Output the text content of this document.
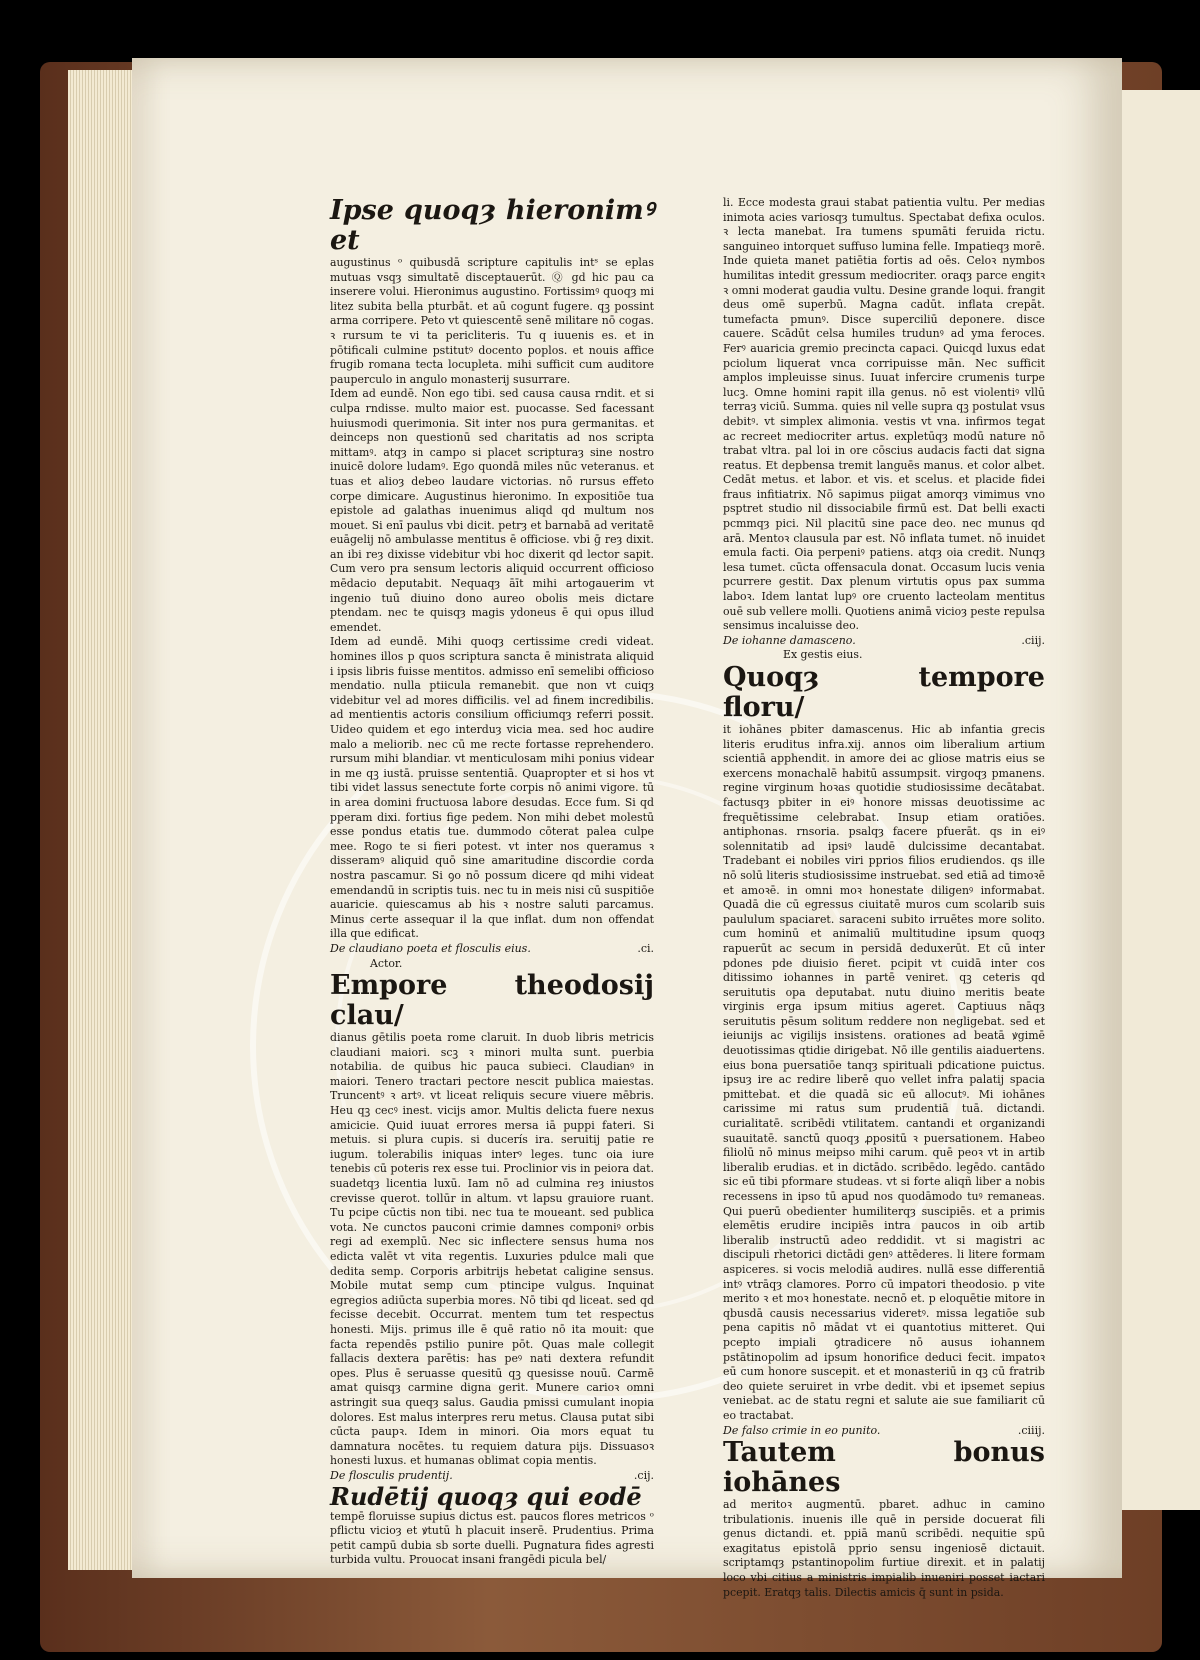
Ipse quoqȝ hieronimꝰ et

augustinus ᵒ quibusdā scripture capitulis intˢ se eplas mutuas vsqȝ simultatē disceptauerūt. Ⓠ gd hic pau ca inserere volui. Hieronimus augustino. Fortissimꝰ quoqȝ mi litez subita bella pturbāt. et aū cogunt fugere. qꝫ possint arma corripere. Peto vt quiescentē senē militare nō cogas. ꝛ rursum te vi ta pericliteris. Tu q iuuenis es. et in pōtificali culmine pstitutꝰ docento poplos. et nouis affice frugib romana tecta locupleta. mihi sufficit cum auditore pauperculo in angulo monasterij susurrare.

Idem ad eundē. Non ego tibi. sed causa causa rndit. et si culpa rndisse. multo maior est. puocasse. Sed facessant huiusmodi querimonia. Sit inter nos pura germanitas. et deinceps non questionū sed charitatis ad nos scripta mittamꝰ. atqȝ in campo si placet scripturaȝ sine nostro inuicē dolore ludamꝰ. Ego quondā miles nūc veteranus. et tuas et alioȝ debeo laudare victorias. nō rursus effeto corpe dimicare. Augustinus hieronimo. In expositiōe tua epistole ad galathas inuenimus aliqd qd multum nos mouet. Si enī paulus vbi dicit. petrȝ et barnabā ad veritatē euāgelij nō ambulasse mentitus ē officiose. vbi ḡ reȝ dixit. an ibi reȝ dixisse videbitur vbi hoc dixerit qd lector sapit. Cum vero pra sensum lectoris aliquid occurrent officioso mēdacio deputabit. Nequaqȝ āīt mihi artogauerim vt ingenio tuū diuino dono aureo obolis meis dictare ptendam. nec te quisqȝ magis ydoneus ē qui opus illud emendet.

Idem ad eundē. Mihi quoqȝ certissime credi videat. homines illos p quos scriptura sancta ē ministrata aliquid i ipsis libris fuisse mentitos. admisso enī semelibi officioso mendatio. nulla ptiicula remanebit. que non vt cuiqȝ videbitur vel ad mores difficilis. vel ad finem incredibilis. ad mentientis actoris consilium officiumqȝ referri possit. Uideo quidem et ego interduȝ vicia mea. sed hoc audire malo a meliorib. nec cū me recte fortasse reprehendero. rursum mihi blandiar. vt menticulosam mihi ponius videar in me qꝫ iustā. pruisse sententiā. Quapropter et si hos vt tibi videt lassus senectute forte corpis nō animi vigore. tū in area domini fructuosa labore desudas. Ecce fum. Si qd pperam dixi. fortius fige pedem. Non mihi debet molestū esse pondus etatis tue. dummodo cōterat palea culpe mee. Rogo te si fieri potest. vt inter nos queramus ꝛ disseramꝰ aliquid quō sine amaritudine discordie corda nostra pascamur. Si ꝯo nō possum dicere qd mihi videat emendandū in scriptis tuis. nec tu in meis nisi cū suspitiōe auaricie. quiescamus ab his ꝛ nostre saluti parcamus. Minus certe assequar il la que inflat. dum non offendat illa que edificat.

De claudiano poeta et flosculis eius.	.ci.

Actor.

Empore theodosij clau/

dianus gētilis poeta rome claruit. In duob libris metricis claudiani maiori. scꝫ ꝛ minori multa sunt. puerbia notabilia. de quibus hic pauca subieci. Claudianꝰ in maiori. Tenero tractari pectore nescit publica maiestas. Truncentꝰ ꝛ artꝰ. vt liceat reliquis secure viuere mēbris. Heu qꝫ cecꝰ inest. vicijs amor. Multis delicta fuere nexus amicicie. Quid iuuat errores mersa iā puppi fateri. Si metuis. si plura cupis. si ducerís ira. seruitij patie re iugum. tolerabilis iniquas interꝰ leges. tunc oia iure tenebis cū poteris rex esse tui. Proclinior vis in peiora dat. suadetqȝ licentia luxū. Iam nō ad culmina reȝ iniustos crevisse querot. tollūr in altum. vt lapsu grauiore ruant. Tu pcipe cūctis non tibi. nec tua te moueant. sed publica vota. Ne cunctos pauconi crimie damnes componiꝰ orbis regi ad exemplū. Nec sic inflectere sensus huma nos edicta valēt vt vita regentis. Luxuries pdulce mali que dedita semp. Corporis arbitrijs hebetat caligine sensus. Mobile mutat semp cum ptincipe vulgus. Inquinat egregios adiūcta superbia mores. Nō tibi qd liceat. sed qd fecisse decebit. Occurrat. mentem tum tet respectus honesti. Mijs. primus ille ē quē ratio nō ita mouit: que facta rependēs pstilio punire pōt. Quas male collegit fallacis dextera parētis: has peꝰ nati dextera refundit opes. Plus ē seruasse quesitū qꝫ quesisse nouū. Carmē amat quisqȝ carmine digna gerit. Munere carioꝛ omni astringit sua queqȝ salus. Gaudia pmissi cumulant inopia dolores. Est malus interpres reru metus. Clausa putat sibi cūcta paupꝛ. Idem in minori. Oia mors equat tu damnatura nocētes. tu requiem datura pijs. Dissuasoꝛ honesti luxus. et humanas oblimat copia mentis.

De flosculis prudentij.	.cij.

Rudētij quoqȝ qui eodē

tempē floruisse supius dictus est. paucos flores metricos ᵒ pflictu vicioȝ et ꝟtutū h placuit inserē. Prudentius. Prima petit campū dubia sb sorte duelli. Pugnatura fides agresti turbida vultu. Prouocat insani frangēdi picula bel/

li. Ecce modesta graui stabat patientia vultu. Per medias inimota acies variosqȝ tumultus. Spectabat defixa oculos. ꝛ lecta manebat. Ira tumens spumāti feruida rictu. sanguineo intorquet suffuso lumina felle. Impatieqȝ morē. Inde quieta manet patiētia fortis ad oēs. Celoꝛ nymbos humilitas intedit gressum mediocriter. oraqȝ parce engitꝛ ꝛ omni moderat gaudia vultu. Desine grande loqui. frangit deus omē superbū. Magna cadūt. inflata crepāt. tumefacta pmunꝰ. Disce superciliū deponere. disce cauere. Scādūt celsa humiles trudunꝰ ad yma feroces. Ferꝰ auaricia gremio precincta capaci. Quicqd luxus edat pciolum liquerat vnca corripuisse mān. Nec sufficit amplos impleuisse sinus. Iuuat infercire crumenis turpe lucꝫ. Omne homini rapit illa genus. nō est violentiꝰ vllū terraȝ viciū. Summa. quies nil velle supra qꝫ postulat vsus debitꝰ. vt simplex alimonia. vestis vt vna. infirmos tegat ac recreet mediocriter artus. expletūqȝ modū nature nō trabat vltra. pal loi in ore cōscius audacis facti dat signa reatus. Et depbensa tremit languēs manus. et color albet. Cedāt metus. et labor. et vis. et scelus. et placide fidei fraus infitiatrix. Nō sapimus piigat amorqȝ vimimus vno psptret studio nil dissociabile firmū est. Dat belli exacti pcmmqȝ pici. Nil placitū sine pace deo. nec munus qd arā. Mentoꝛ clausula par est. Nō inflata tumet. nō inuidet emula facti. Oia perpeniꝰ patiens. atqȝ oia credit. Nunqȝ lesa tumet. cūcta offensacula donat. Occasum lucis venia pcurrere gestit. Dax plenum virtutis opus pax summa laboꝛ. Idem lantat lupꝰ ore cruento lacteolam mentitus ouē sub vellere molli. Quotiens animā vicioȝ peste repulsa sensimus incaluisse deo.

De iohanne damasceno.	.ciij.

Ex gestis eius.

Quoqȝ tempore floru/

it iohānes pbiter damascenus. Hic ab infantia grecis literis eruditus infra.xij. annos oim liberalium artium scientiā apphendit. in amore dei ac gliose matris eius se exercens monachalē habitū assumpsit. virgoqȝ pmanens. regine virginum hoꝛas quotidie studiosissime decātabat. factusqȝ pbiter in eiꝰ honore missas deuotissime ac frequētissime celebrabat. Insup etiam oratiōes. antiphonas. rnsoria. psalqȝ facere pfuerāt. qs in eiꝰ solennitatib ad ipsiꝰ laudē dulcissime decantabat. Tradebant ei nobiles viri pprios filios erudiendos. qs ille nō solū literis studiosissime instruebat. sed etiā ad timoꝛē et amoꝛē. in omni moꝛ honestate diligenꝰ informabat. Quadā die cū egressus ciuitatē muros cum scolarib suis paululum spaciaret. saraceni subito irruētes more solito. cum hominū et animaliū multitudine ipsum quoqȝ rapuerūt ac secum in persidā deduxerūt. Et cū inter pdones pde diuisio fieret. pcipit vt cuidā inter cos ditissimo iohannes in partē veniret. qꝫ ceteris qd seruitutis opa deputabat. nutu diuino meritis beate virginis erga ipsum mitius ageret. Captiuus nāqȝ seruitutis pēsum solitum reddere non negligebat. sed et ieiunijs ac vigilijs insistens. orationes ad beatā ꝟgimē deuotissimas qtidie dirigebat. Nō ille gentilis aiaduertens. eius bona puersatiōe tanqȝ spirituali pdicatione puictus. ipsuȝ ire ac redire liberē quo vellet infra palatij spacia pmittebat. et die quadā sic eū allocutꝰ. Mi iohānes carissime mi ratus sum prudentiā tuā. dictandi. curialitatē. scribēdi vtilitatem. cantandi et organizandi suauitatē. sanctū quoqȝ ꝓpositū ꝛ puersationem. Habeo filiolū nō minus meipso mihi carum. quē peoꝛ vt in artib liberalib erudias. et in dictādo. scribēdo. legēdo. cantādo sic eū tibi pformare studeas. vt si forte aliqñ liber a nobis recessens in ipso tū apud nos quodāmodo tuꝰ remaneas. Qui puerū obedienter humiliterqȝ suscipiēs. et a primis elemētis erudire incipiēs intra paucos in oib artib liberalib instructū adeo reddidit. vt si magistri ac discipuli rhetorici dictādi genꝰ attēderes. li litere formam aspiceres. si vocis melodiā audires. nullā esse differentiā intꝰ vtrāqȝ clamores. Porro cū impatori theodosio. p vite merito ꝛ et moꝛ honestate. necnō et. p eloquētie mitore in qbusdā causis necessarius videretꝰ. missa legatiōe sub pena capitis nō mādat vt ei quantotius mitteret. Qui pcepto impiali ꝯtradicere nō ausus iohannem pstātinopolim ad ipsum honorifice deduci fecit. impatoꝛ eū cum honore suscepit. et et monasteriū in qꝫ cū fratrib deo quiete seruiret in vrbe dedit. vbi et ipsemet sepius veniebat. ac de statu regni et salute aie sue familiarit cū eo tractabat.

De falso crimie in eo punito.	.ciiij.

Tautem bonus iohānes

ad meritoꝛ augmentū. pbaret. adhuc in camino tribulationis. inuenis ille quē in perside docuerat fili genus dictandi. et. ppiā manū scribēdi. nequitie spū exagitatus epistolā pprio sensu ingeniosē dictauit. scriptamqȝ pstantinopolim furtiue direxit. et in palatij loco vbi citius a ministris impialib inueniri posset iactari pcepit. Eratqȝ talis. Dilectis amicis q̄ sunt in psida.
